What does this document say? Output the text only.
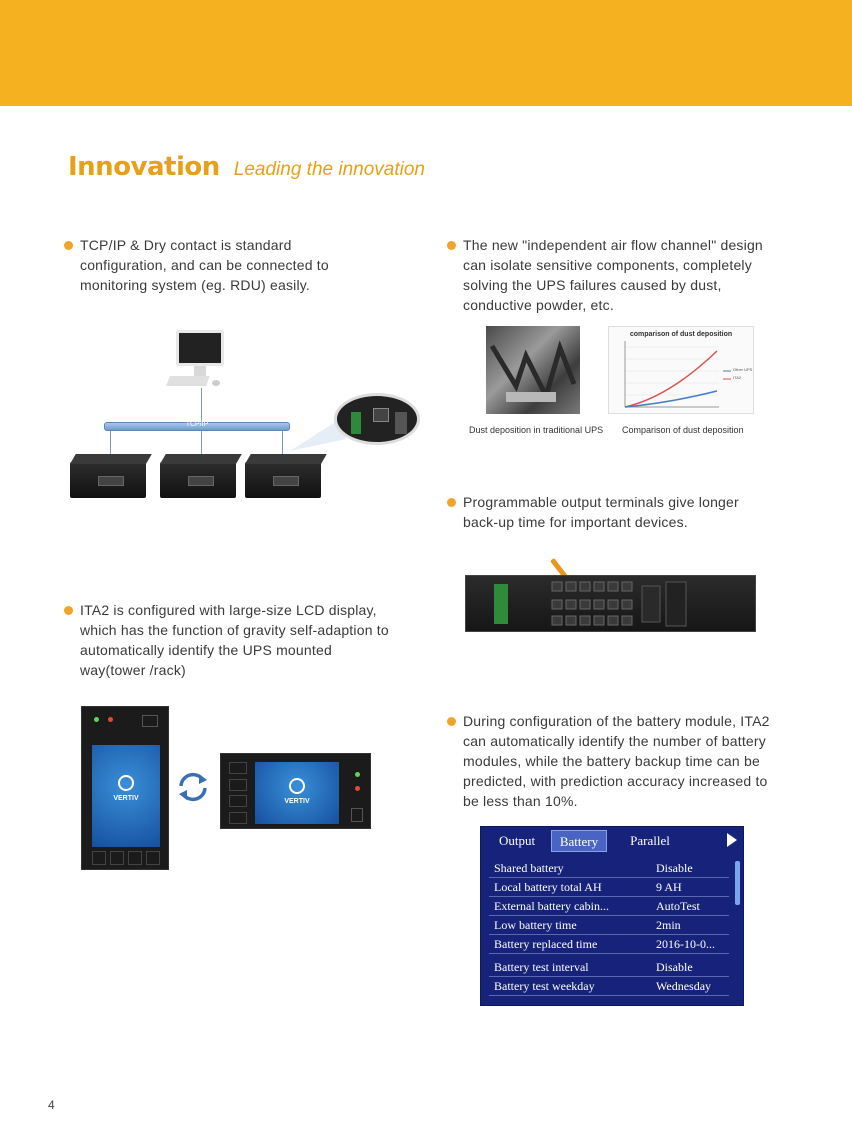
Innovation Leading the innovation
TCP/IP & Dry contact is standard configuration, and can be connected to monitoring system (eg. RDU) easily.
The new "independent air flow channel" design can isolate sensitive components, completely solving the UPS failures caused by dust, conductive powder, etc.
TCP/IP
comparison of dust deposition
Other UPS
ITA2
Dust deposition in traditional UPS Comparison of dust deposition
Programmable output terminals give longer back-up time for important devices.
ITA2 is configured with large-size LCD display, which has the function of gravity self-adaption to automatically identify the UPS mounted way(tower /rack)
VERTIV	VERTIV
During configuration of the battery module, ITA2 can automatically identify the number of battery modules, while the battery backup time can be predicted, with prediction accuracy increased to be less than 10%.
Output	Battery	Parallel
Shared battery	Disable
Local battery total AH	9 AH
External battery cabin...	AutoTest
Low battery time	2min
Battery replaced time	2016-10-0...
Battery test interval	Disable
Battery test weekday	Wednesday
4
